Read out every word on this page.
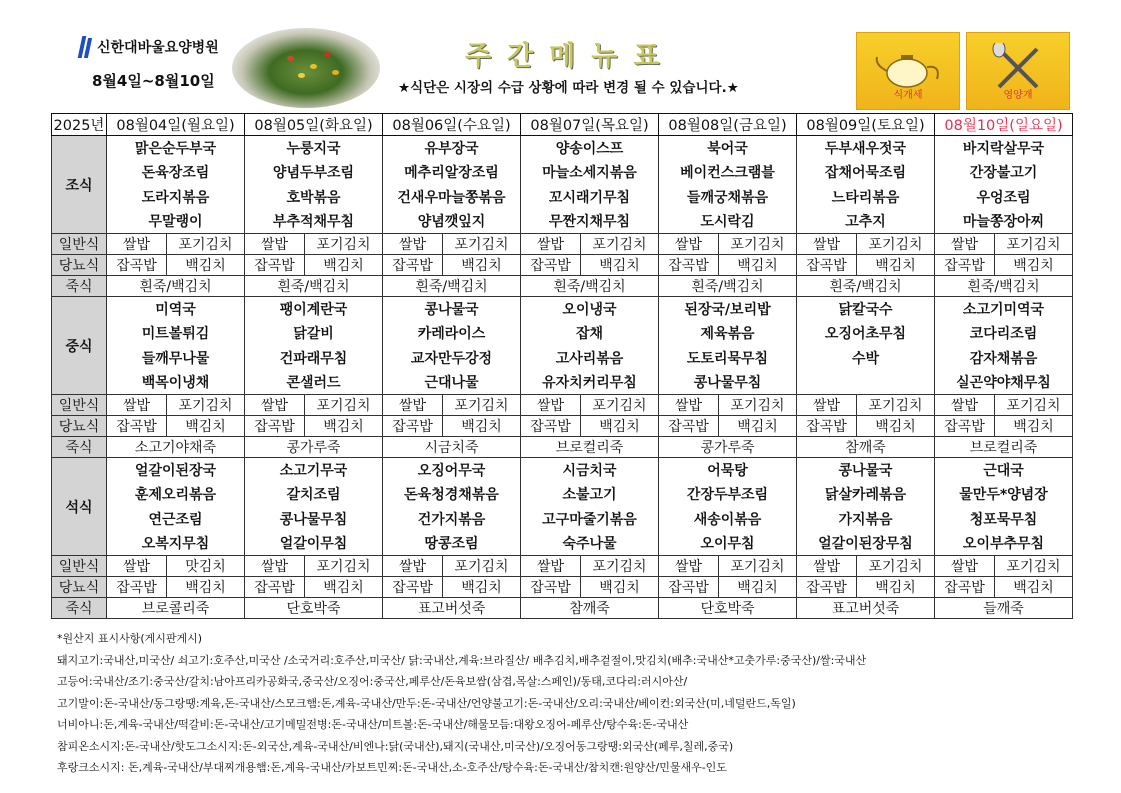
신한대바울요양병원
8월4일~8월10일
주간메뉴표
★식단은 시장의 수급 상황에 따라 변경 될 수 있습니다.★	식개세	영양개
2025년	08월04일(월요일)		08월05일(화요일)		08월06일(수요일)		08월07일(목요일)		08월08일(금요일)		08월09일(토요일)		08월10일(일요일)	
조식	맑은순두부국		누룽지국		유부장국		양송이스프		북어국		두부새우젓국		바지락살무국	
	돈육장조림		양념두부조림		메추리알장조림		마늘소세지볶음		베이컨스크램블		잡채어묵조림		간장불고기	
	도라지볶음		호박볶음		건새우마늘쫑볶음		꼬시래기무침		들깨궁채볶음		느타리볶음		우엉조림	
	무말랭이		부추적채무침		양념깻잎지		무짠지채무침		도시락김		고추지		마늘쫑장아찌	
일반식	쌀밥	포기김치	쌀밥	포기김치	쌀밥	포기김치	쌀밥	포기김치	쌀밥	포기김치	쌀밥	포기김치	쌀밥	포기김치
당뇨식	잡곡밥	백김치	잡곡밥	백김치	잡곡밥	백김치	잡곡밥	백김치	잡곡밥	백김치	잡곡밥	백김치	잡곡밥	백김치
죽식	흰죽/백김치		흰죽/백김치		흰죽/백김치		흰죽/백김치		흰죽/백김치		흰죽/백김치		흰죽/백김치	
중식	미역국		팽이계란국		콩나물국		오이냉국		된장국/보리밥		닭칼국수		소고기미역국	
	미트볼튀김		닭갈비		카레라이스		잡채		제육볶음		오징어초무침		코다리조림	
	들깨무나물		건파래무침		교자만두강정		고사리볶음		도토리묵무침		수박		감자채볶음	
	백목이냉채		콘샐러드		근대나물		유자치커리무침		콩나물무침				실곤약야채무침	
일반식	쌀밥	포기김치	쌀밥	포기김치	쌀밥	포기김치	쌀밥	포기김치	쌀밥	포기김치	쌀밥	포기김치	쌀밥	포기김치
당뇨식	잡곡밥	백김치	잡곡밥	백김치	잡곡밥	백김치	잡곡밥	백김치	잡곡밥	백김치	잡곡밥	백김치	잡곡밥	백김치
죽식	소고기야채죽		콩가루죽		시금치죽		브로컬리죽		콩가루죽		참깨죽		브로컬리죽	
석식	얼갈이된장국		소고기무국		오징어무국		시금치국		어묵탕		콩나물국		근대국	
	훈제오리볶음		갈치조림		돈육청경채볶음		소불고기		간장두부조림		닭살카레볶음		물만두*양념장	
	연근조림		콩나물무침		건가지볶음		고구마줄기볶음		새송이볶음		가지볶음		청포묵무침	
	오복지무침		얼갈이무침		땅콩조림		숙주나물		오이무침		얼갈이된장무침		오이부추무침	
일반식	쌀밥	맛김치	쌀밥	포기김치	쌀밥	포기김치	쌀밥	포기김치	쌀밥	포기김치	쌀밥	포기김치	쌀밥	포기김치
당뇨식	잡곡밥	백김치	잡곡밥	백김치	잡곡밥	백김치	잡곡밥	백김치	잡곡밥	백김치	잡곡밥	백김치	잡곡밥	백김치
죽식	브로콜리죽		단호박죽		표고버섯죽		참깨죽		단호박죽		표고버섯죽		들깨죽	
*원산지 표시사항(게시판게시)
돼지고기:국내산,미국산/ 쇠고기:호주산,미국산 /소국거리:호주산,미국산/ 닭:국내산,계육:브라질산/ 배추김치,배추겉절이,맛김치(배추:국내산*고춧가루:중국산)/쌀:국내산
고등어:국내산/조기:중국산/갈치:남아프리카공화국,중국산/오징어:중국산,페루산/돈육보쌈(삼겹,목살:스페인)/동태,코다리:러시아산/
고기말이:돈-국내산/동그랑땡:계육,돈-국내산/스모크햄:돈,계육-국내산/만두:돈-국내산/언양불고기:돈-국내산/오리:국내산/베이컨:외국산(미,네덜란드,독일)
너비아니:돈,계육-국내산/떡갈비:돈-국내산/고기메밀전병:돈-국내산/미트볼:돈-국내산/해물모듬:대왕오징어-페루산/탕수육:돈-국내산
참피온소시지:돈-국내산/핫도그소시지:돈-외국산,계육-국내산/비엔나:닭(국내산),돼지(국내산,미국산)/오징어동그랑땡:외국산(페루,칠레,중국)
후랑크소시지: 돈,계육-국내산/부대찌개용햄:돈,계육-국내산/카보트민찌:돈-국내산,소-호주산/탕수육:돈-국내산/참치캔:원양산/민물새우-인도
